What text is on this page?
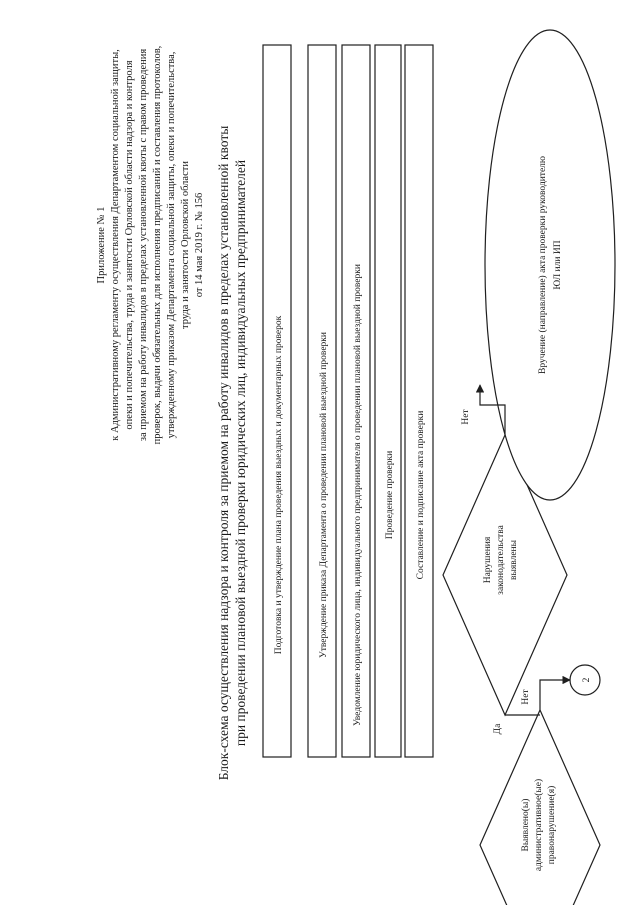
Приложение № 1 к Административному регламенту осуществления Департаментом социальной защиты, опеки и попечительства, труда и занятости Орловской области надзора и контроля за приемом на работу инвалидов в пределах установленной квоты с правом проведения проверок, выдачи обязательных для исполнения предписаний и составления протоколов, утвержденному приказом Департамента социальной защиты, опеки и попечительства, труда и занятости Орловской области от 14 мая 2019 г. № 156 Блок-схема осуществления надзора и контроля за приемом на работу инвалидов в пределах установленной квоты при проведении плановой выездной проверки юридических лиц, индивидуальных предпринимателей	Подготовка и утверждение плана проведения выездных и документарных проверок	Утверждение приказа Департамента о проведении плановой выездной проверки	Уведомление юридического лица, индивидуального предпринимателя о проведении плановой выездной проверки Проведение проверки Составление и подписание акта проверки	Нарушения законодательства выявлены
Выявлено(ы) административное(ые) правонарушение(я)
Вручение (направление) акта проверки руководителю ЮЛ или ИП
2
Нет
Нет
Да
